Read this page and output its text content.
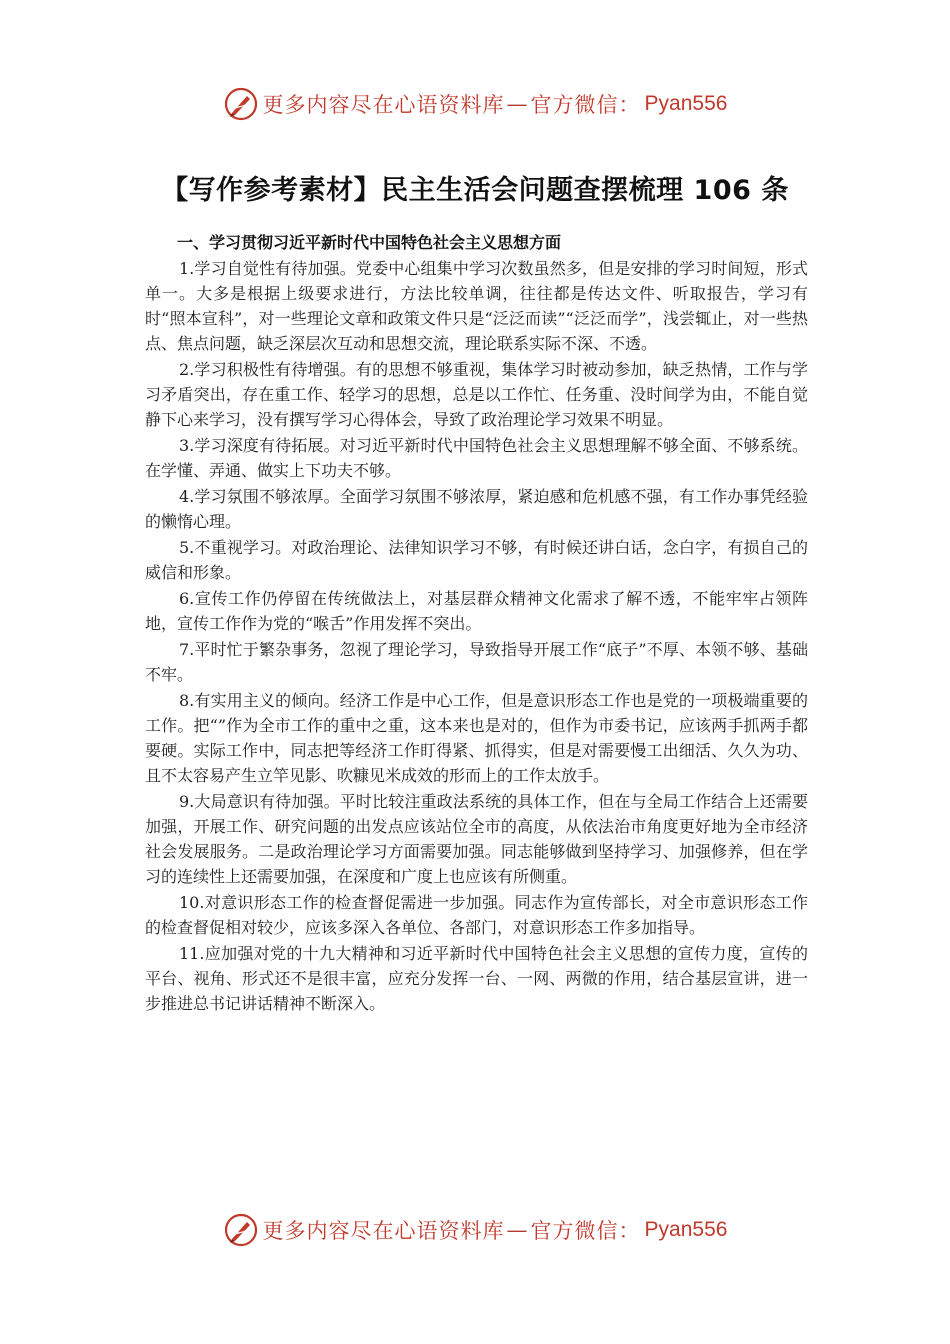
更多内容尽在心语资料库 — 官方微信： Pyan556
【写作参考素材】民主生活会问题查摆梳理 106 条

一、学习贯彻习近平新时代中国特色社会主义思想方面

1.学习自觉性有待加强。党委中心组集中学习次数虽然多，但是安排的学习时间短，形式单一。大多是根据上级要求进行，方法比较单调，往往都是传达文件、听取报告，学习有时“照本宣科”，对一些理论文章和政策文件只是“泛泛而读”“泛泛而学”，浅尝辄止，对一些热点、焦点问题，缺乏深层次互动和思想交流，理论联系实际不深、不透。

2.学习积极性有待增强。有的思想不够重视，集体学习时被动参加，缺乏热情，工作与学习矛盾突出，存在重工作、轻学习的思想，总是以工作忙、任务重、没时间学为由，不能自觉静下心来学习，没有撰写学习心得体会，导致了政治理论学习效果不明显。

3.学习深度有待拓展。对习近平新时代中国特色社会主义思想理解不够全面、不够系统。在学懂、弄通、做实上下功夫不够。

4.学习氛围不够浓厚。全面学习氛围不够浓厚，紧迫感和危机感不强，有工作办事凭经验的懒惰心理。

5.不重视学习。对政治理论、法律知识学习不够，有时候还讲白话，念白字，有损自己的威信和形象。

6.宣传工作仍停留在传统做法上，对基层群众精神文化需求了解不透，不能牢牢占领阵地，宣传工作作为党的“喉舌”作用发挥不突出。

7.平时忙于繁杂事务，忽视了理论学习，导致指导开展工作“底子”不厚、本领不够、基础不牢。

8.有实用主义的倾向。经济工作是中心工作，但是意识形态工作也是党的一项极端重要的工作。把“”作为全市工作的重中之重，这本来也是对的，但作为市委书记，应该两手抓两手都要硬。实际工作中，同志把等经济工作盯得紧、抓得实，但是对需要慢工出细活、久久为功、且不太容易产生立竿见影、吹糠见米成效的形而上的工作太放手。

9.大局意识有待加强。平时比较注重政法系统的具体工作，但在与全局工作结合上还需要加强，开展工作、研究问题的出发点应该站位全市的高度，从依法治市角度更好地为全市经济社会发展服务。二是政治理论学习方面需要加强。同志能够做到坚持学习、加强修养，但在学习的连续性上还需要加强，在深度和广度上也应该有所侧重。

10.对意识形态工作的检查督促需进一步加强。同志作为宣传部长，对全市意识形态工作的检查督促相对较少，应该多深入各单位、各部门，对意识形态工作多加指导。

11.应加强对党的十九大精神和习近平新时代中国特色社会主义思想的宣传力度，宣传的平台、视角、形式还不是很丰富，应充分发挥一台、一网、两微的作用，结合基层宣讲，进一步推进总书记讲话精神不断深入。

更多内容尽在心语资料库 — 官方微信： Pyan556
